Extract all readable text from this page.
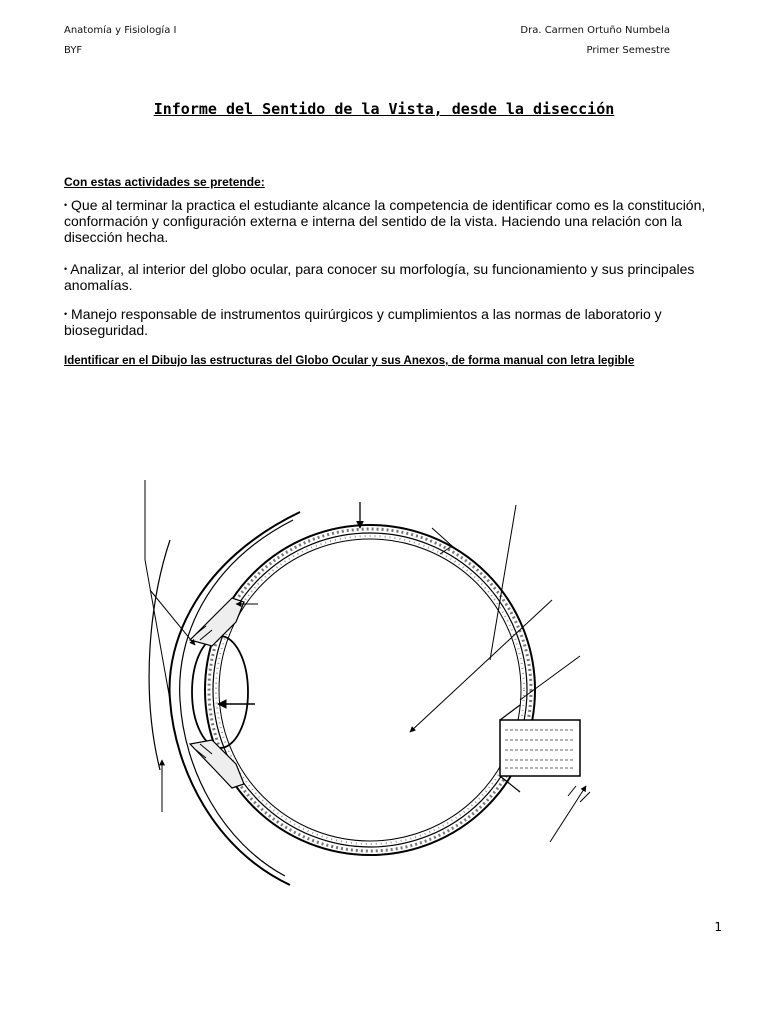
Anatomía y Fisiología I
BYF
Dra. Carmen Ortuño Numbela
Primer Semestre
Informe del Sentido de la Vista, desde la disección
Con estas actividades se pretende:
• Que al terminar la practica el estudiante alcance la competencia de identificar como es la constitución, conformación y configuración externa e interna del sentido de la vista. Haciendo una relación con la disección hecha.
• Analizar, al interior del globo ocular, para conocer su morfología, su funcionamiento y sus principales anomalías.
• Manejo responsable de instrumentos quirúrgicos y cumplimientos a las normas de laboratorio y bioseguridad.
Identificar en el Dibujo las estructuras del Globo Ocular y sus Anexos, de forma manual con letra legible
1
